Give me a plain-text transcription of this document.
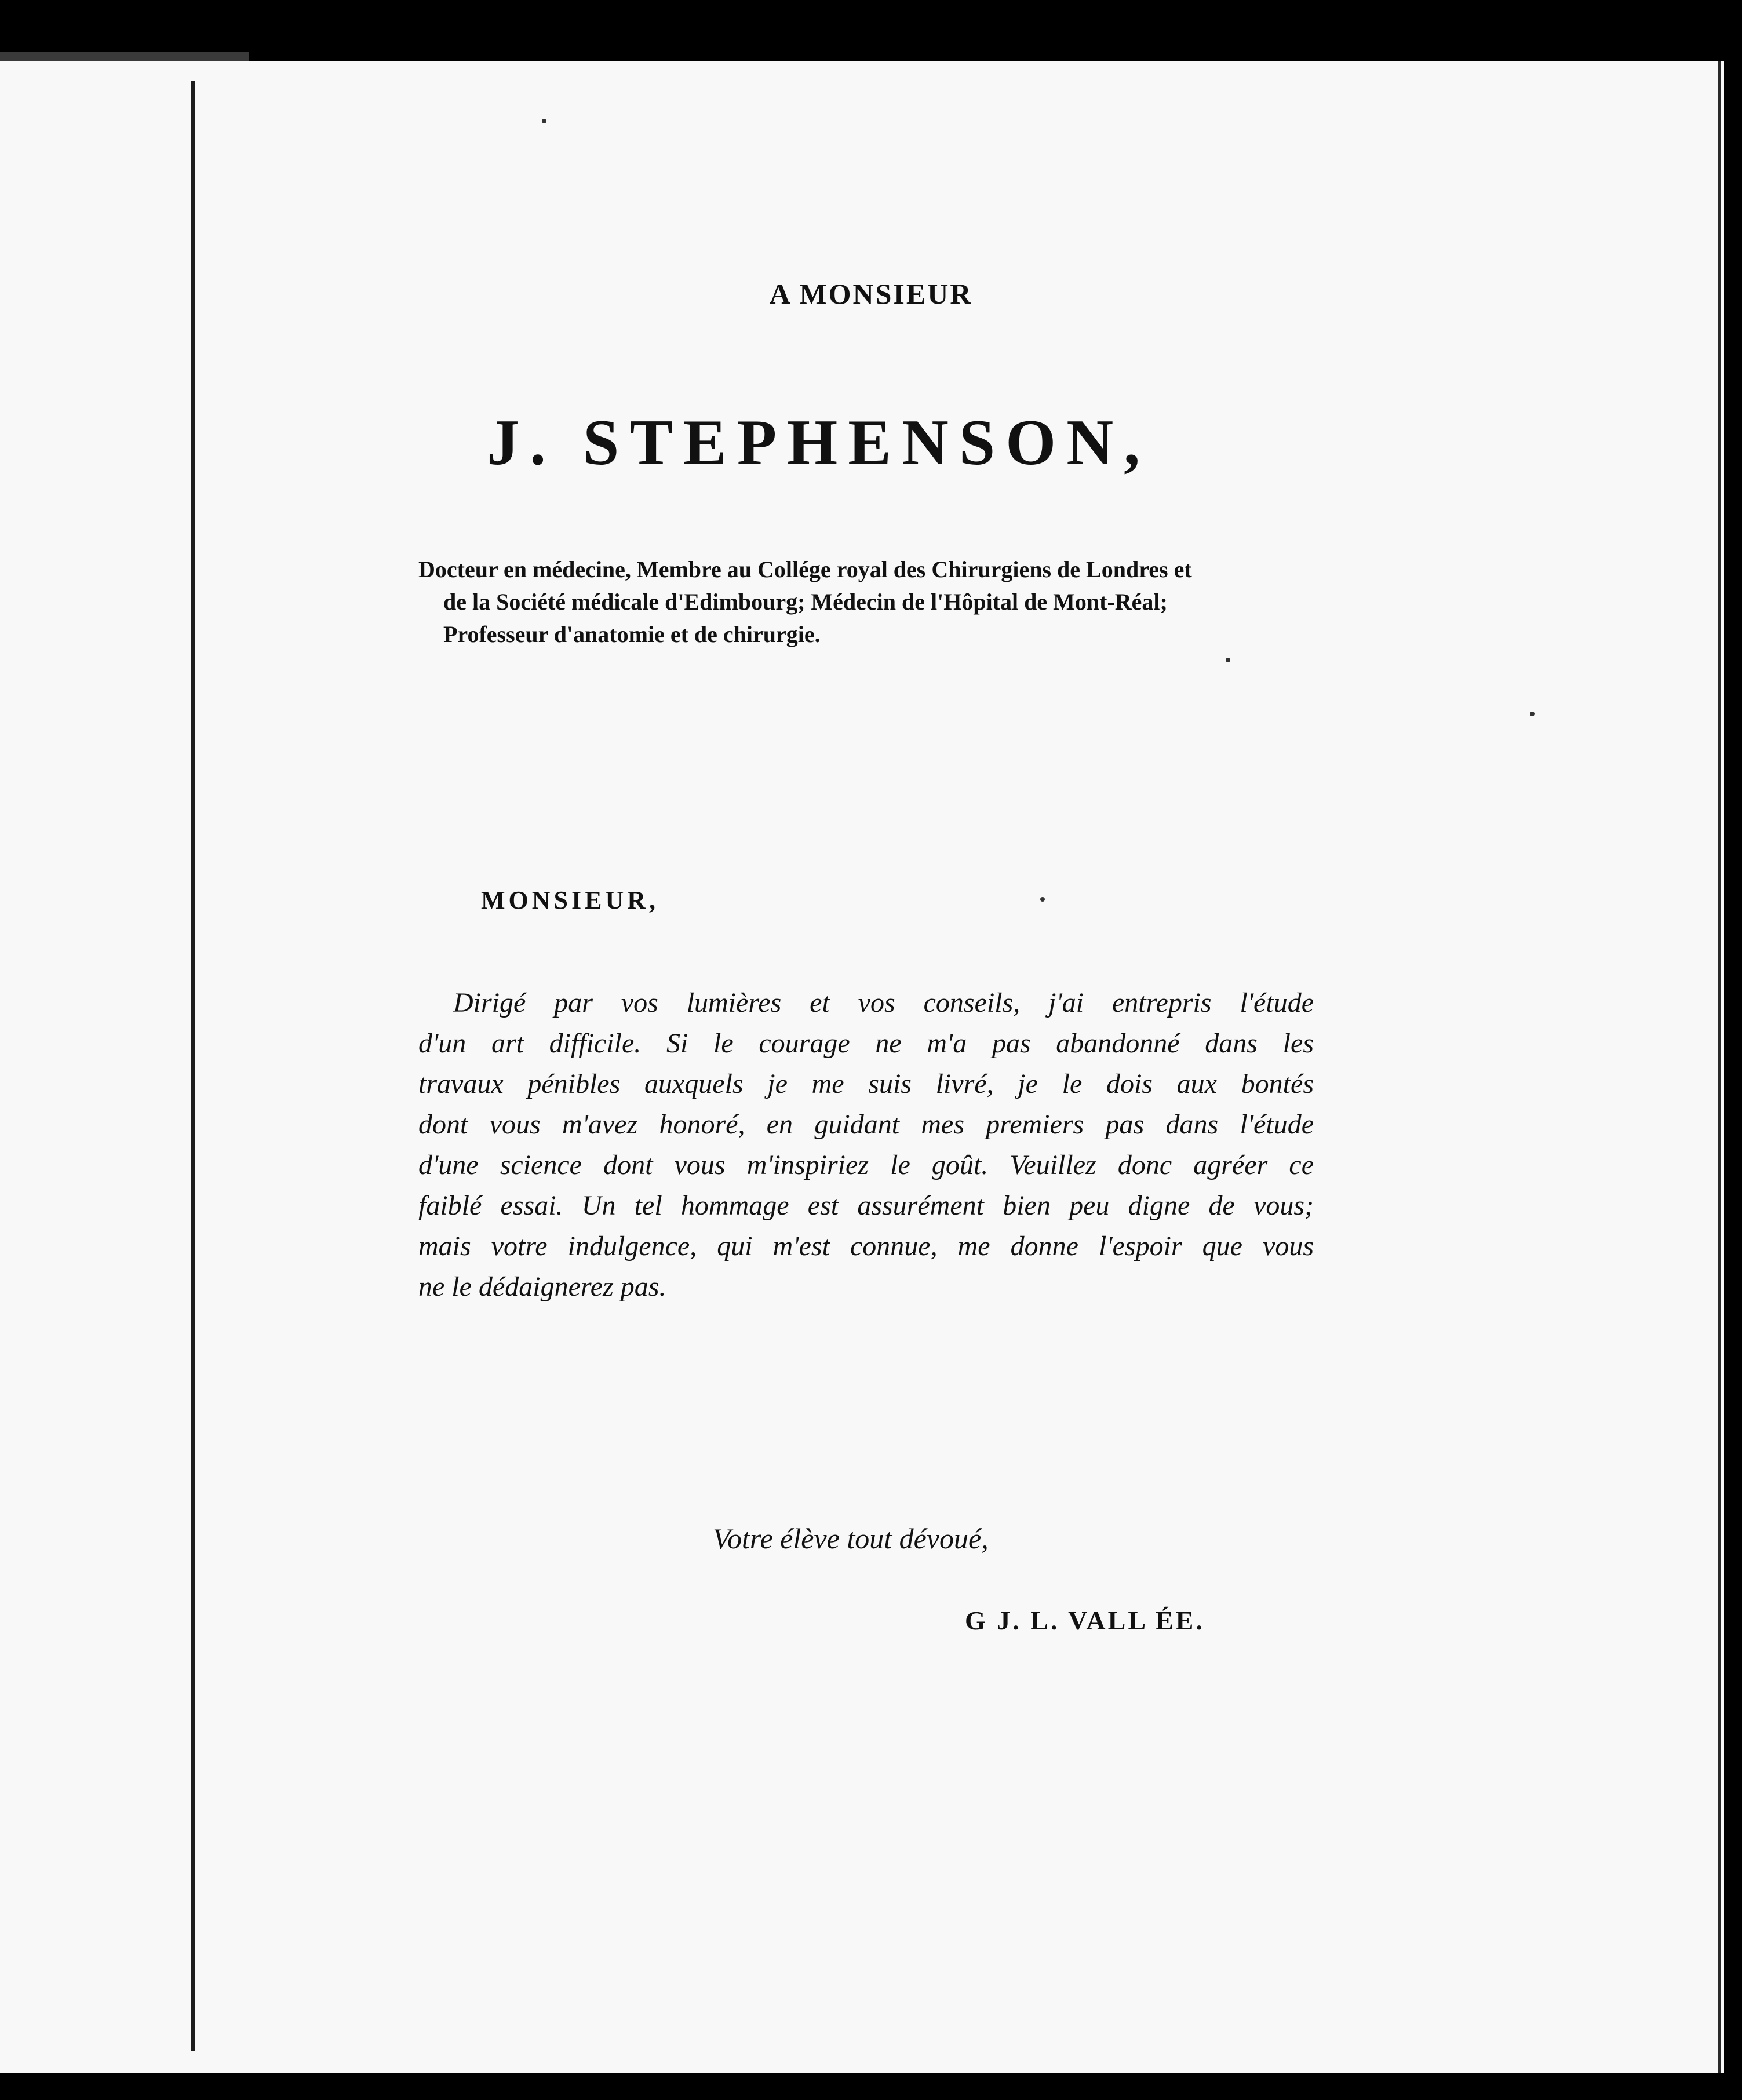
A MONSIEUR
J. STEPHENSON,
Docteur en médecine, Membre au Collége royal des Chirurgiens de Londres et
de la Société médicale d'Edimbourg; Médecin de l'Hôpital de Mont-Réal;
Professeur d'anatomie et de chirurgie.
MONSIEUR,
Dirigé par vos lumières et vos conseils, j'ai entrepris l'étude
d'un art difficile. Si le courage ne m'a pas abandonné dans les
travaux pénibles auxquels je me suis livré, je le dois aux bontés
dont vous m'avez honoré, en guidant mes premiers pas dans l'étude
d'une science dont vous m'inspiriez le goût. Veuillez donc agréer ce
faiblé essai. Un tel hommage est assurément bien peu digne de vous;
mais votre indulgence, qui m'est connue, me donne l'espoir que vous
ne le dédaignerez pas.
Votre élève tout dévoué,
G J. L. VALL ÉE.
